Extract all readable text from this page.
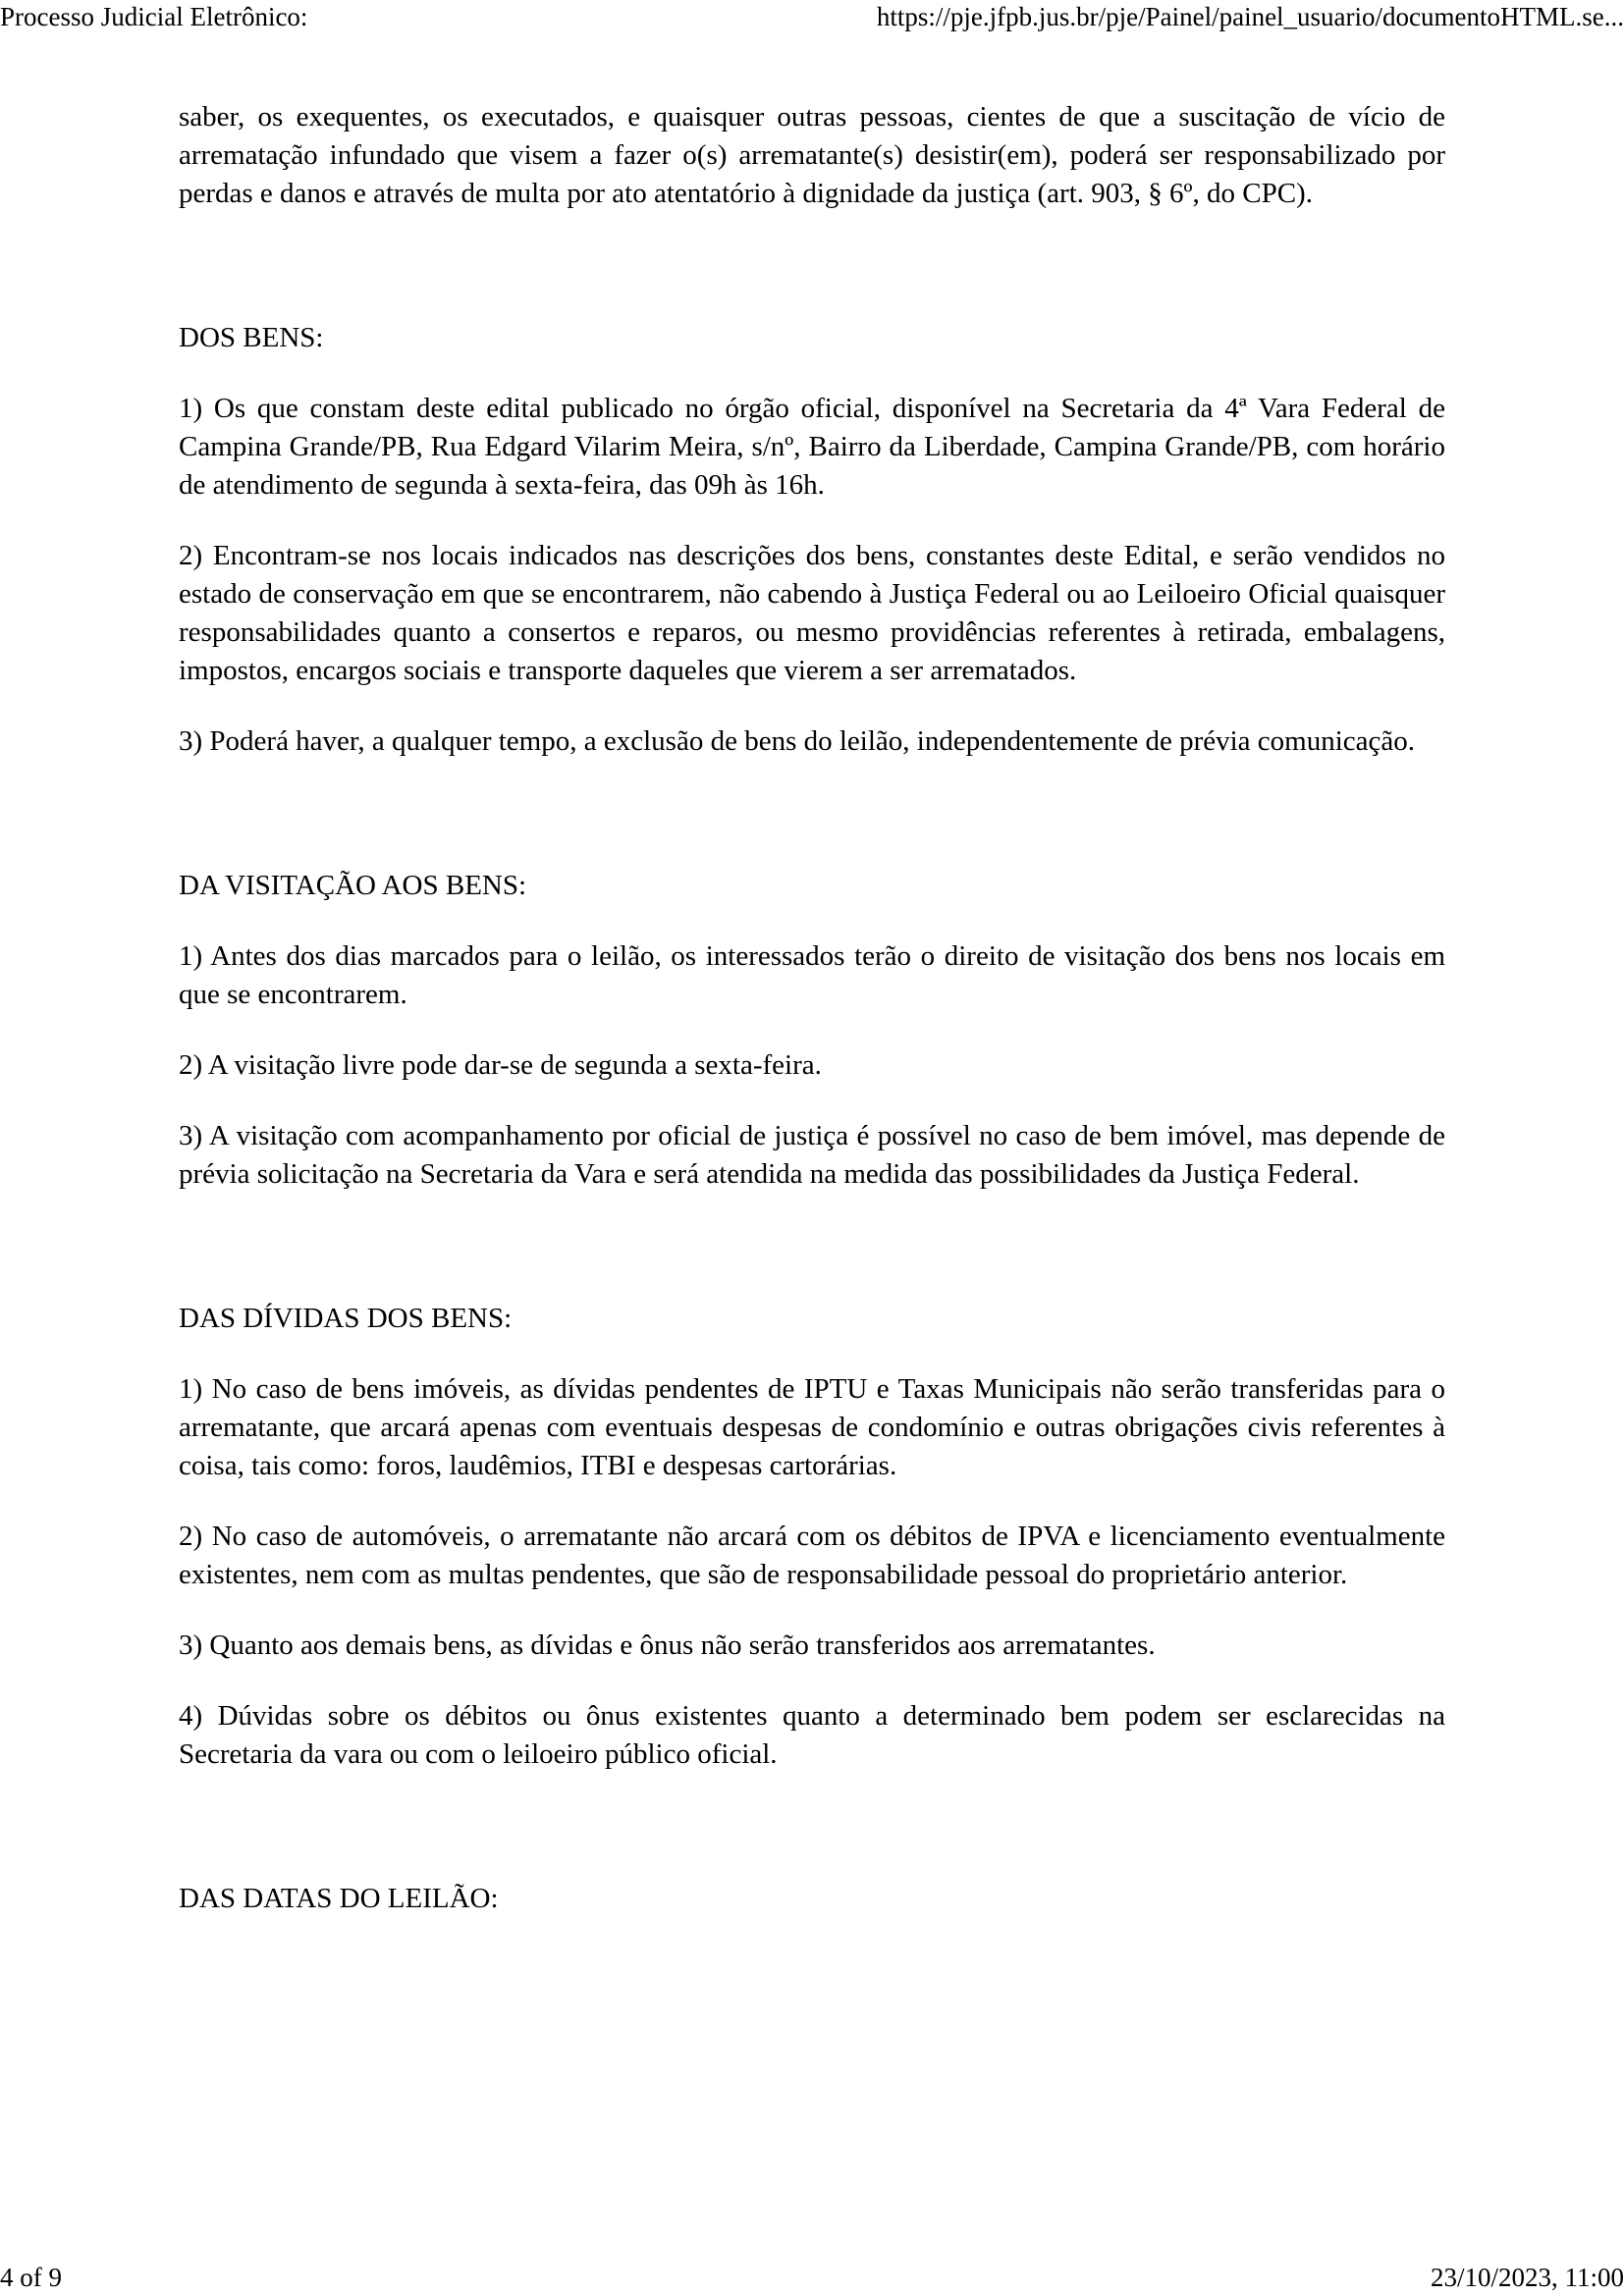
Processo Judicial Eletrônico:	https://pje.jfpb.jus.br/pje/Painel/painel_usuario/documentoHTML.se...

saber, os exequentes, os executados, e quaisquer outras pessoas, cientes de que a suscitação de vício de arrematação infundado que visem a fazer o(s) arrematante(s) desistir(em), poderá ser responsabilizado por perdas e danos e através de multa por ato atentatório à dignidade da justiça (art. 903, § 6º, do CPC).

DOS BENS:

1) Os que constam deste edital publicado no órgão oficial, disponível na Secretaria da 4ª Vara Federal de Campina Grande/PB, Rua Edgard Vilarim Meira, s/nº, Bairro da Liberdade, Campina Grande/PB, com horário de atendimento de segunda à sexta-feira, das 09h às 16h.

2) Encontram-se nos locais indicados nas descrições dos bens, constantes deste Edital, e serão vendidos no estado de conservação em que se encontrarem, não cabendo à Justiça Federal ou ao Leiloeiro Oficial quaisquer responsabilidades quanto a consertos e reparos, ou mesmo providências referentes à retirada, embalagens, impostos, encargos sociais e transporte daqueles que vierem a ser arrematados.

3) Poderá haver, a qualquer tempo, a exclusão de bens do leilão, independentemente de prévia comunicação.

DA VISITAÇÃO AOS BENS:

1) Antes dos dias marcados para o leilão, os interessados terão o direito de visitação dos bens nos locais em que se encontrarem.

2) A visitação livre pode dar-se de segunda a sexta-feira.

3) A visitação com acompanhamento por oficial de justiça é possível no caso de bem imóvel, mas depende de prévia solicitação na Secretaria da Vara e será atendida na medida das possibilidades da Justiça Federal.

DAS DÍVIDAS DOS BENS:

1) No caso de bens imóveis, as dívidas pendentes de IPTU e Taxas Municipais não serão transferidas para o arrematante, que arcará apenas com eventuais despesas de condomínio e outras obrigações civis referentes à coisa, tais como: foros, laudêmios, ITBI e despesas cartorárias.

2) No caso de automóveis, o arrematante não arcará com os débitos de IPVA e licenciamento eventualmente existentes, nem com as multas pendentes, que são de responsabilidade pessoal do proprietário anterior.

3) Quanto aos demais bens, as dívidas e ônus não serão transferidos aos arrematantes.

4) Dúvidas sobre os débitos ou ônus existentes quanto a determinado bem podem ser esclarecidas na Secretaria da vara ou com o leiloeiro público oficial.

DAS DATAS DO LEILÃO:

4 of 9	23/10/2023, 11:00
